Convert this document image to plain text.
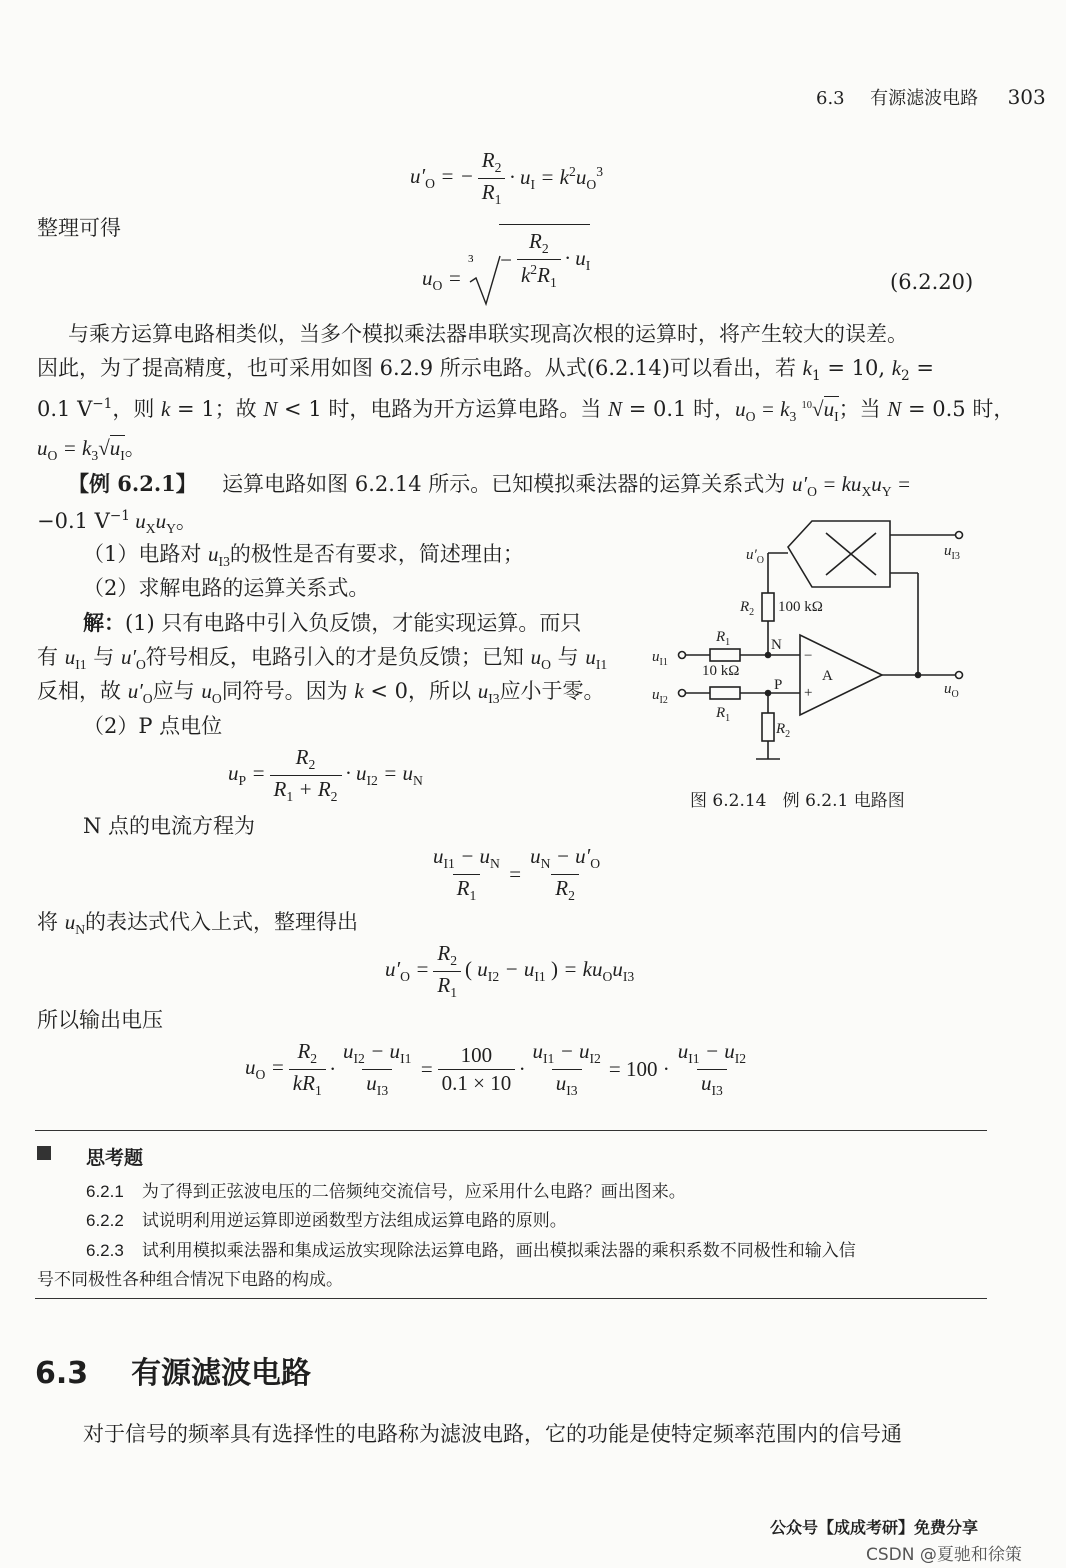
6.3 有源滤波电路 303
$u'_O$ = − $\frac{R_2}{R_1} \cdot u_I = k^2u_O^3$
整理可得
$u_O$ =
$3 - \frac{R_2}{k^2R_1} \cdot u_I$
(6.2.20)
与乘方运算电路相类似，当多个模拟乘法器串联实现高次根的运算时，将产生较大的误差。
因此，为了提高精度，也可采用如图 6.2.9 所示电路。从式(6.2.14)可以看出，若 $k_1 = 10$, $k_2$ =
0.1 $V^{-1}$，则 k = 1；故 N < 1 时，电路为开方运算电路。当 N = 0.1 时，$u_O = k_3$ $^{10}√u_I$；当 N = 0.5 时，
$u_O = k_3√u_I$。
【例 6.2.1】 运算电路如图 6.2.14 所示。已知模拟乘法器的运算关系式为 $u'_O = ku_Xu_Y$ =
−0.1 $V^{-1}$ $u_Xu_Y$。
（1）电路对 $u_{I3}$的极性是否有要求，简述理由；
（2）求解电路的运算关系式。
解：(1) 只有电路中引入负反馈，才能实现运算。而只
有 $u_{I1}$ 与 $u'_O$符号相反，电路引入的才是负反馈；已知 $u_O$ 与 $u_{I1}$
反相，故 $u'_O$应与 $u_O$同符号。因为 k < 0，所以 $u_{I3}$应小于零。
（2）P 点电位
$u_P = \frac{R_2}{R_1 + R_2} \cdot u_{I2} = u_N$
N 点的电流方程为
$\frac{u_{I1} - u_N}{R_1} = \frac{u_N - u'_O}{R_2}$
将 $u_N$的表达式代入上式，整理得出
$u'_O = \frac{R_2}{R_1}$ ( $u_{I2} - u_{I1}$ ) = $ku_Ou_{I3}$
所以输出电压
$u_O = \frac{R_2}{kR_1} \cdot \frac{u_{I2} - u_{I1}}{u_{I3}} = \frac{100}{0.1 \times 10} \cdot \frac{u_{I1} - u_{I2}}{u_{I3}} = 100 \cdot \frac{u_{I1} - u_{I2}}{u_{I3}}$
$u'_O$
$R_2$ 100 kΩ
$u_{I3}$
$u_{I1}$
$u_{I2}$
$R_1$
10 kΩ
$R_1$
$R_2$
N
P
A
−
+	$u_O$
图 6.2.14   例 6.2.1 电路图
思考题
6.2.1 为了得到正弦波电压的二倍频纯交流信号，应采用什么电路？画出图来。
6.2.2 试说明利用逆运算即逆函数型方法组成运算电路的原则。
6.2.3 试利用模拟乘法器和集成运放实现除法运算电路，画出模拟乘法器的乘积系数不同极性和输入信
号不同极性各种组合情况下电路的构成。
6.3 有源滤波电路
对于信号的频率具有选择性的电路称为滤波电路，它的功能是使特定频率范围内的信号通
公众号【成成考研】免费分享
CSDN @夏驰和徐策
